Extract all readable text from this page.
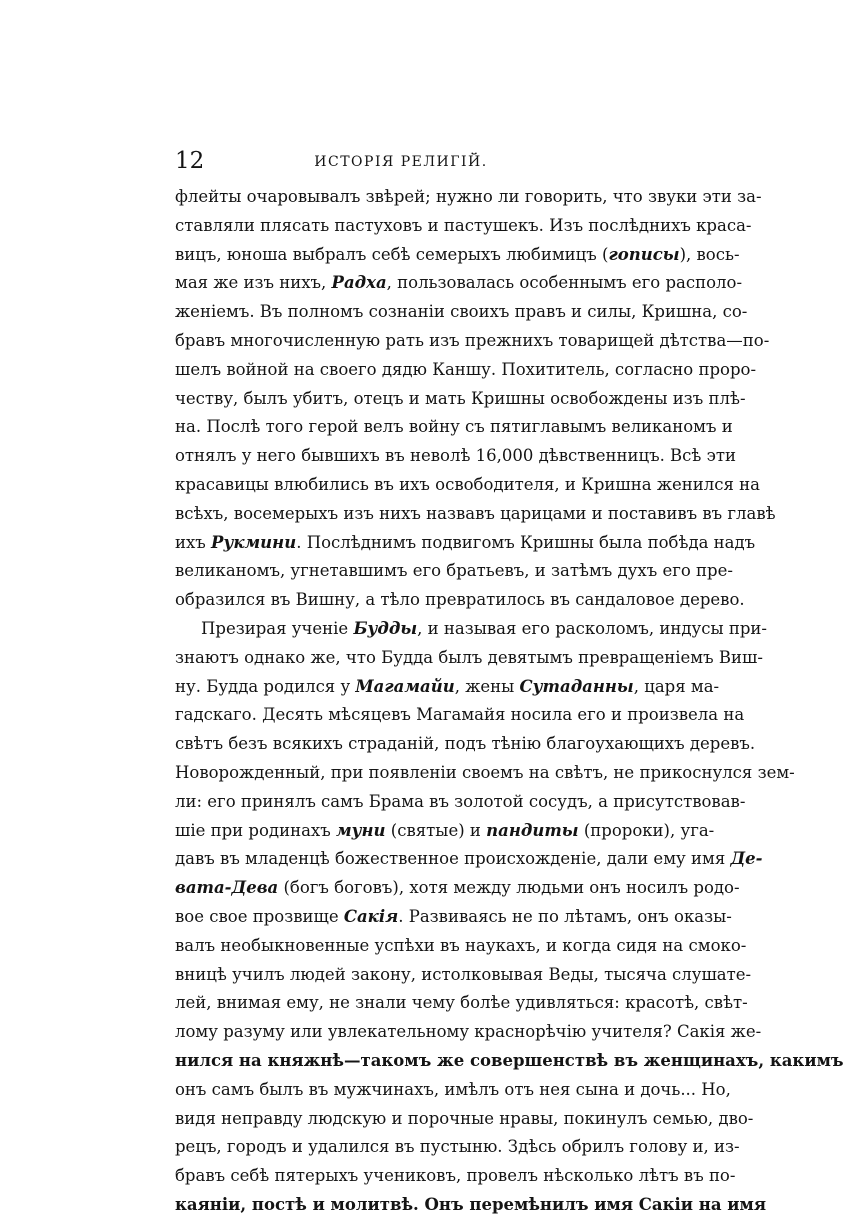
12	ИСТОРІЯ РЕЛИГІЙ.
флейты очаровывалъ звѣрей; нужно ли говорить, что звуки эти за-
ставляли плясать пастуховъ и пастушекъ. Изъ послѣднихъ краса-
вицъ, юноша выбралъ себѣ семерыхъ любимицъ (гописы), вось-
мая же изъ нихъ, Радха, пользовалась особеннымъ его располо-
женіемъ. Въ полномъ сознаніи своихъ правъ и силы, Кришна, со-
бравъ многочисленную рать изъ прежнихъ товарищей дѣтства—по-
шелъ войной на своего дядю Каншу. Похититель, согласно проро-
честву, былъ убитъ, отецъ и мать Кришны освобождены изъ плѣ-
на. Послѣ того герой велъ войну съ пятиглавымъ великаномъ и
отнялъ у него бывшихъ въ неволѣ 16,000 дѣвственницъ. Всѣ эти
красавицы влюбились въ ихъ освободителя, и Кришна женился на
всѣхъ, восемерыхъ изъ нихъ назвавъ царицами и поставивъ въ главѣ
ихъ Рукмини. Послѣднимъ подвигомъ Кришны была побѣда надъ
великаномъ, угнетавшимъ его братьевъ, и затѣмъ духъ его пре-
образился въ Вишну, а тѣло превратилось въ сандаловое дерево.
Презирая ученіе Будды, и называя его расколомъ, индусы при-
знаютъ однако же, что Будда былъ девятымъ превращеніемъ Виш-
ну. Будда родился у Магамайи, жены Сутаданны, царя ма-
гадскаго. Десять мѣсяцевъ Магамайя носила его и произвела на
свѣтъ безъ всякихъ страданій, подъ тѣнію благоухающихъ деревъ.
Новорожденный, при появленіи своемъ на свѣтъ, не прикоснулся зем-
ли: его принялъ самъ Брама въ золотой сосудъ, а присутствовав-
шіе при родинахъ муни (святые) и пандиты (пророки), уга-
давъ въ младенцѣ божественное происхожденіе, дали ему имя Де-
вата-Дева (богъ боговъ), хотя между людьми онъ носилъ родо-
вое свое прозвище Сакія. Развиваясь не по лѣтамъ, онъ оказы-
валъ необыкновенные успѣхи въ наукахъ, и когда сидя на смоко-
вницѣ училъ людей закону, истолковывая Веды, тысяча слушате-
лей, внимая ему, не знали чему болѣе удивляться: красотѣ, свѣт-
лому разуму или увлекательному краснорѣчію учителя? Сакія же-
нился на княжнѣ—такомъ же совершенствѣ въ женщинахъ, какимъ
онъ самъ былъ въ мужчинахъ, имѣлъ отъ нея сына и дочь... Но,
видя неправду людскую и порочные нравы, покинулъ семью, дво-
рецъ, городъ и удалился въ пустыню. Здѣсь обрилъ голову и, из-
бравъ себѣ пятерыхъ учениковъ, провелъ нѣсколько лѣтъ въ по-
каяніи, постѣ и молитвѣ. Онъ перемѣнилъ имя Сакіи на имя
